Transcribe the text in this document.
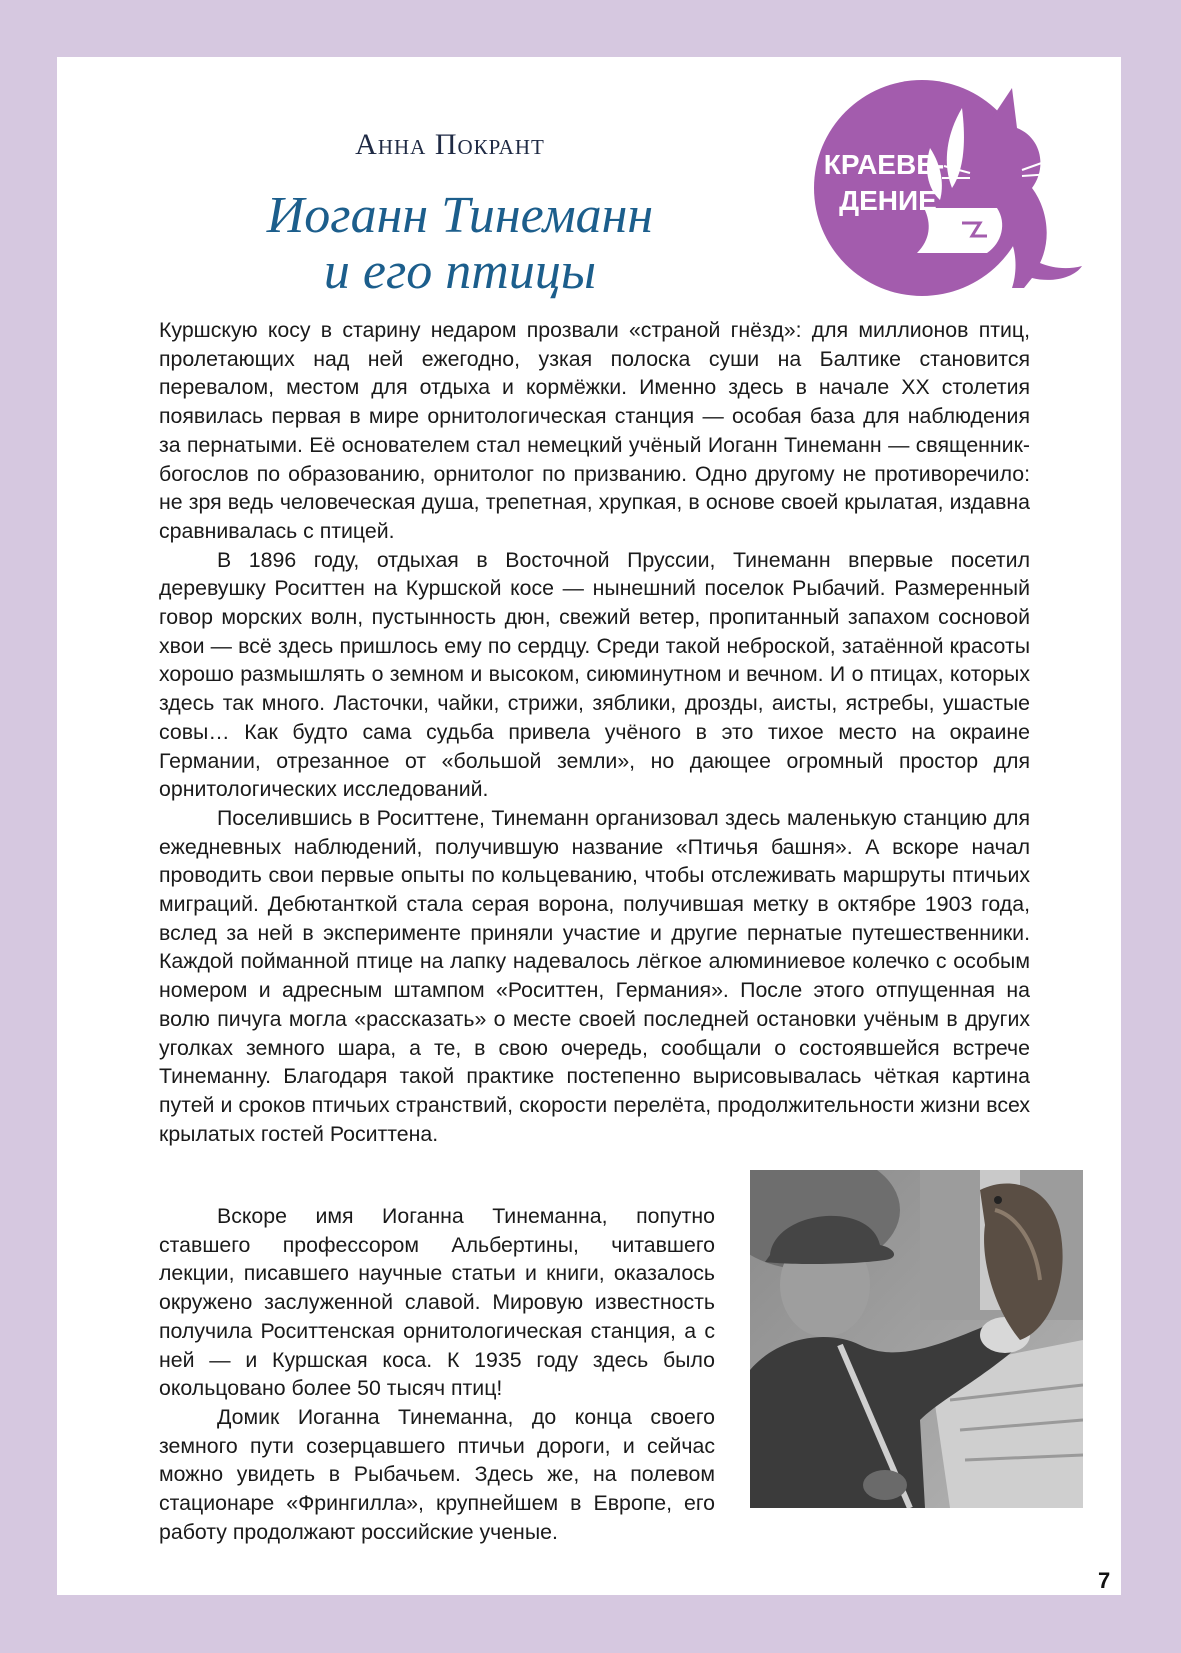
Анна Покрант
Иоганн Тинеманн
и его птицы
КРАЕВЕ-
ДЕНИЕ

Куршскую косу в старину недаром прозвали «страной гнёзд»: для миллионов птиц, пролетающих над ней ежегодно, узкая полоска суши на Балтике становится перевалом, местом для отдыха и кормёжки. Именно здесь в начале XX столетия появилась первая в мире орнитологическая станция — особая база для наблюдения за пернатыми. Её основателем стал немецкий учёный Иоганн Тинеманн — священник-богослов по образованию, орнитолог по призванию. Одно другому не противоречило: не зря ведь человеческая душа, трепетная, хрупкая, в основе своей крылатая, издавна сравнивалась с птицей.

В 1896 году, отдыхая в Восточной Пруссии, Тинеманн впервые посетил деревушку Роситтен на Куршской косе — нынешний поселок Рыбачий. Размеренный говор морских волн, пустынность дюн, свежий ветер, пропитанный запахом сосновой хвои — всё здесь пришлось ему по сердцу. Среди такой неброской, затаённой красоты хорошо размышлять о земном и высоком, сиюминутном и вечном. И о птицах, которых здесь так много. Ласточки, чайки, стрижи, зяблики, дрозды, аисты, ястребы, ушастые совы… Как будто сама судьба привела учёного в это тихое место на окраине Германии, отрезанное от «большой земли», но дающее огромный простор для орнитологических исследований.

Поселившись в Роситтене, Тинеманн организовал здесь маленькую станцию для ежедневных наблюдений, получившую название «Птичья башня». А вскоре начал проводить свои первые опыты по кольцеванию, чтобы отслеживать маршруты птичьих миграций. Дебютанткой стала серая ворона, получившая метку в октябре 1903 года, вслед за ней в эксперименте приняли участие и другие пернатые путешественники. Каждой пойманной птице на лапку надевалось лёгкое алюминиевое колечко с особым номером и адресным штампом «Роситтен, Германия». После этого отпущенная на волю пичуга могла «рассказать» о месте своей последней остановки учёным в других уголках земного шара, а те, в свою очередь, сообщали о состоявшейся встрече Тинеманну. Благодаря такой практике постепенно вырисовывалась чёткая картина путей и сроков птичьих странствий, скорости перелёта, продолжительности жизни всех крылатых гостей Роситтена.

Вскоре имя Иоганна Тинеманна, попутно ставшего профессором Альбертины, читавшего лекции, писавшего научные статьи и книги, оказалось окружено заслуженной славой. Мировую известность получила Роситтенская орнитологическая станция, а с ней — и Куршская коса. К 1935 году здесь было окольцовано более 50 тысяч птиц!

Домик Иоганна Тинеманна, до конца своего земного пути созерцавшего птичьи дороги, и сейчас можно увидеть в Рыбачьем. Здесь же, на полевом стационаре «Фрингилла», крупнейшем в Европе, его работу продолжают российские ученые.

7
